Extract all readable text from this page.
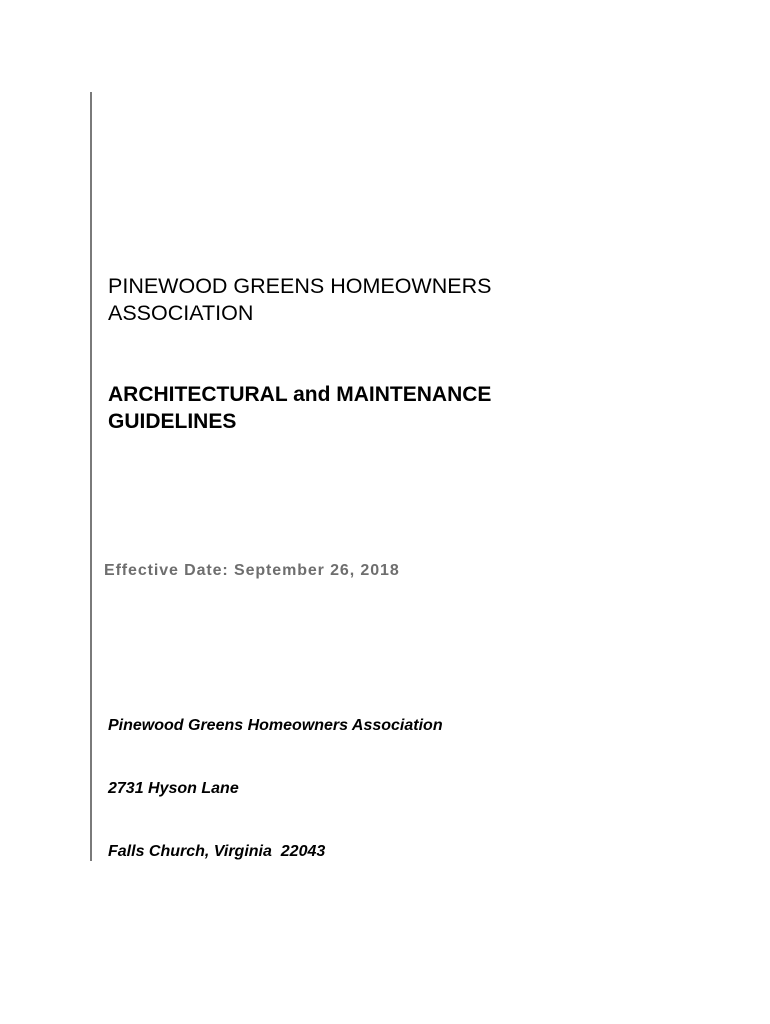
PINEWOOD GREENS HOMEOWNERS
ASSOCIATION
ARCHITECTURAL and MAINTENANCE
GUIDELINES

Effective Date: September 26, 2018

Pinewood Greens Homeowners Association

2731 Hyson Lane

Falls Church, Virginia  22043
